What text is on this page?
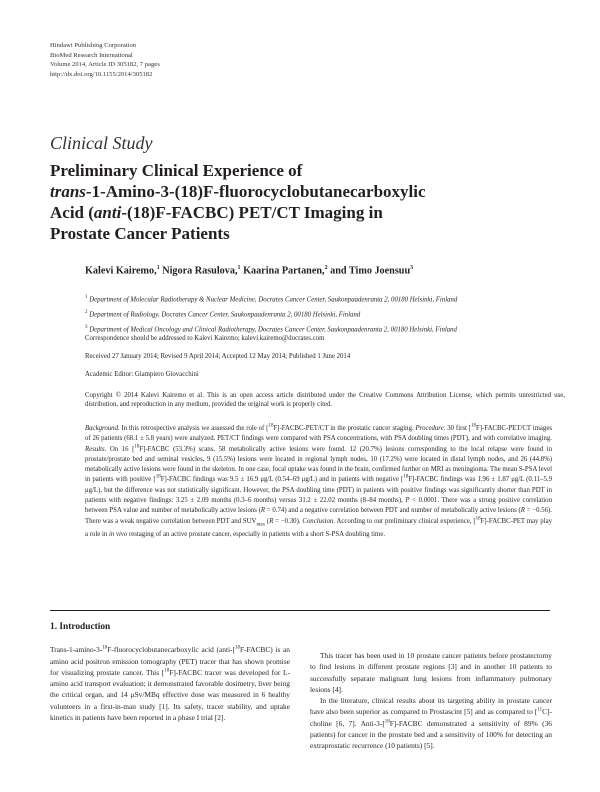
Hindawi Publishing Corporation
BioMed Research International
Volume 2014, Article ID 305182, 7 pages
http://dx.doi.org/10.1155/2014/305182
Clinical Study
Preliminary Clinical Experience of
trans-1-Amino-3-(18)F-fluorocyclobutanecarboxylic
Acid (anti-(18)F-FACBC) PET/CT Imaging in
Prostate Cancer Patients
Kalevi Kairemo,$^1$ Nigora Rasulova,$^1$ Kaarina Partanen,$^2$ and Timo Joensuu$^3$
$^1$ Department of Molecular Radiotherapy & Nuclear Medicine, Docrates Cancer Center, Saukonpaadenranta 2, 00180 Helsinki, Finland
$^2$ Department of Radiology, Docrates Cancer Center, Saukonpaadenranta 2, 00180 Helsinki, Finland
$^3$ Department of Medical Oncology and Clinical Radiotherapy, Docrates Cancer Center, Saukonpaadenranta 2, 00180 Helsinki, Finland
Correspondence should be addressed to Kalevi Kairemo; kalevi.kairemo@docrates.com
Received 27 January 2014; Revised 9 April 2014; Accepted 12 May 2014; Published 1 June 2014
Academic Editor: Giampiero Giovacchini
Copyright © 2014 Kalevi Kairemo et al. This is an open access article distributed under the Creative Commons Attribution License, which permits unrestricted use, distribution, and reproduction in any medium, provided the original work is properly cited.
Background. In this retrospective analysis we assessed the role of [$^{18}$F]-FACBC-PET/CT in the prostatic cancer staging. Procedure. 30 first [$^{18}$F]-FACBC-PET/CT images of 26 patients (68.1 ± 5.8 years) were analyzed. PET/CT findings were compared with PSA concentrations, with PSA doubling times (PDT), and with correlative imaging. Results. On 16 [$^{18}$F]-FACBC (53.3%) scans, 58 metabolically active lesions were found. 12 (20.7%) lesions corresponding to the local relapse were found in prostate/prostate bed and seminal vesicles, 9 (15.5%) lesions were located in regional lymph nodes, 10 (17.2%) were located in distal lymph nodes, and 26 (44.8%) metabolically active lesions were found in the skeleton. In one case, focal uptake was found in the brain, confirmed further on MRI as meningioma. The mean S-PSA level in patients with positive [$^{18}$F]-FACBC findings was 9.5 ± 16.9 μg/L (0.54–69 μg/L) and in patients with negative [$^{18}$F]-FACBC findings was 1.96 ± 1.87 μg/L (0.11–5.9 μg/L), but the difference was not statistically significant. However, the PSA doubling time (PDT) in patients with positive findings was significantly shorter than PDT in patients with negative findings: 3.25 ± 2.09 months (0.3–6 months) versus 31.2 ± 22.02 months (8–84 months), P < 0.0001. There was a strong positive correlation between PSA value and number of metabolically active lesions (R = 0.74) and a negative correlation between PDT and number of metabolically active lesions (R = −0.56). There was a weak negative correlation between PDT and $SUV_{max}$ (R = −0.30). Conclusion. According to our preliminary clinical experience, [$^{18}$F]-FACBC-PET may play a role in in vivo restaging of an active prostate cancer, especially in patients with a short S-PSA doubling time.
1. Introduction

Trans-1-amino-3-$^{18}$F-fluorocyclobutanecarboxylic acid (anti-[$^{18}$F-FACBC) is an amino acid positron emission tomography (PET) tracer that has shown promise for visualizing prostate cancer. This [$^{18}$F]-FACBC tracer was developed for L-amino acid transport evaluation; it demonstrated favorable dosimetry, liver being the critical organ, and 14 μSv/MBq effective dose was measured in 6 healthy volunteers in a first-in-man study [1]. Its safety, tracer stability, and uptake kinetics in patients have been reported in a phase I trial [2].

This tracer has been used in 10 prostate cancer patients before prostatectomy to find lesions in different prostate regions [3] and in another 10 patients to successfully separate malignant lung lesions from inflammatory pulmonary lesions [4].

In the literature, clinical results about its targeting ability in prostate cancer have also been superior as compared to Prostascint [5] and as compared to [$^{11}$C]-choline [6, 7]. Anti-3-[$^{18}$F]-FACBC demonstrated a sensitivity of 89% (36 patients) for cancer in the prostate bed and a sensitivity of 100% for detecting an extraprostatic recurrence (10 patients) [5].
